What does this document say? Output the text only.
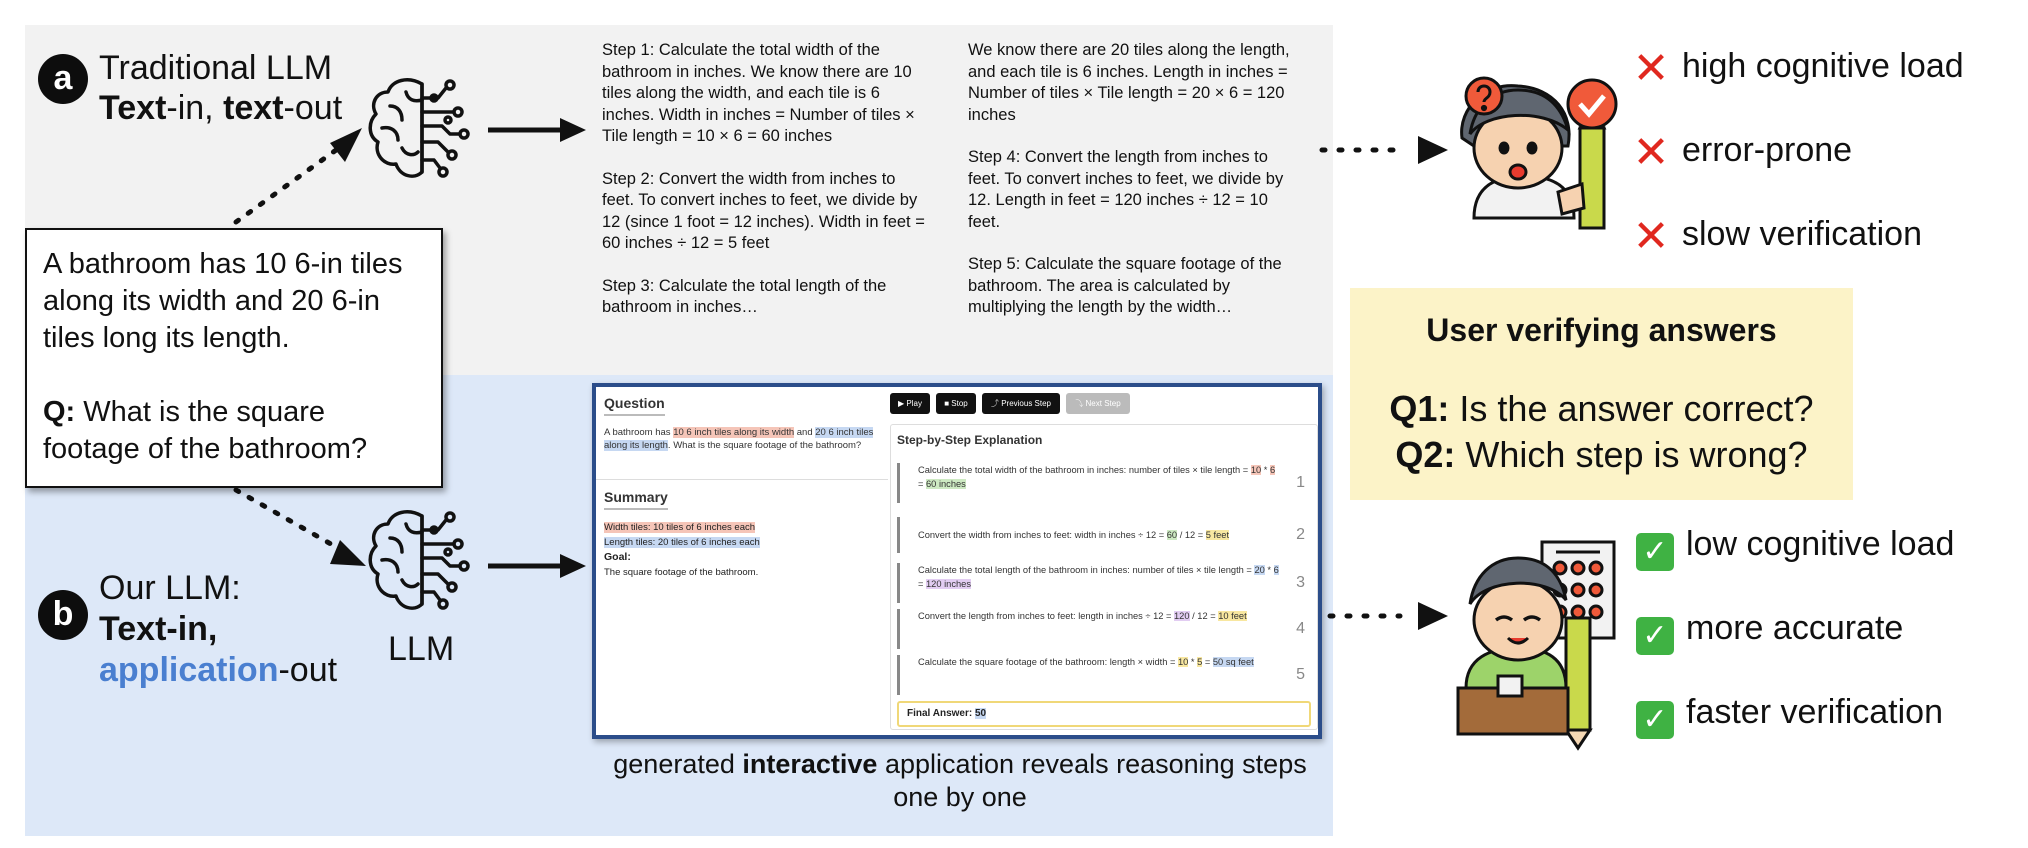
a Traditional LLM
Text-in, text-out
b
Our LLM:
Text-in,
application-out

A bathroom has 10 6-in tiles along its width and 20 6-in tiles long its length.

Q: What is the square footage of the bathroom?

Step 1: Calculate the total width of the bathroom in inches. We know there are 10 tiles along the width, and each tile is 6 inches. Width in inches = Number of tiles × Tile length = 10 × 6 = 60 inches

Step 2: Convert the width from inches to feet. To convert inches to feet, we divide by 12 (since 1 foot = 12 inches). Width in feet = 60 inches ÷ 12 = 5 feet

Step 3: Calculate the total length of the bathroom in inches…

We know there are 20 tiles along the length, and each tile is 6 inches. Length in inches = Number of tiles × Tile length = 20 × 6 = 120 inches

Step 4: Convert the length from inches to feet. To convert inches to feet, we divide by 12. Length in feet = 120 inches ÷ 12 = 10 feet.

Step 5: Calculate the square footage of the bathroom. The area is calculated by multiplying the length by the width…

Question
A bathroom has 10 6 inch tiles along its width and 20 6 inch tiles along its length. What is the square footage of the bathroom?
Summary
Width tiles: 10 tiles of 6 inches each
Length tiles: 20 tiles of 6 inches each
Goal:
The square footage of the bathroom.
▶ Play	■ Stop	⤴ Previous Step	⤵ Next Step
Step-by-Step Explanation
Calculate the total width of the bathroom in inches: number of tiles × tile length = 10 * 6 = 60 inches	1
Convert the width from inches to feet: width in inches ÷ 12 = 60 / 12 = 5 feet	2
Calculate the total length of the bathroom in inches: number of tiles × tile length = 20 * 6 = 120 inches	3
Convert the length from inches to feet: length in inches ÷ 12 = 120 / 12 = 10 feet
4
Calculate the square footage of the bathroom: length × width = 10 * 5 = 50 sq feet
5
Final Answer: 50
LLM
generated interactive application reveals reasoning steps one by one
✕ high cognitive load
✕ error-prone
✕ slow verification
User verifying answers
Q1: Is the answer correct?
Q2: Which step is wrong?
✓ low cognitive load
✓ more accurate
✓ faster verification
